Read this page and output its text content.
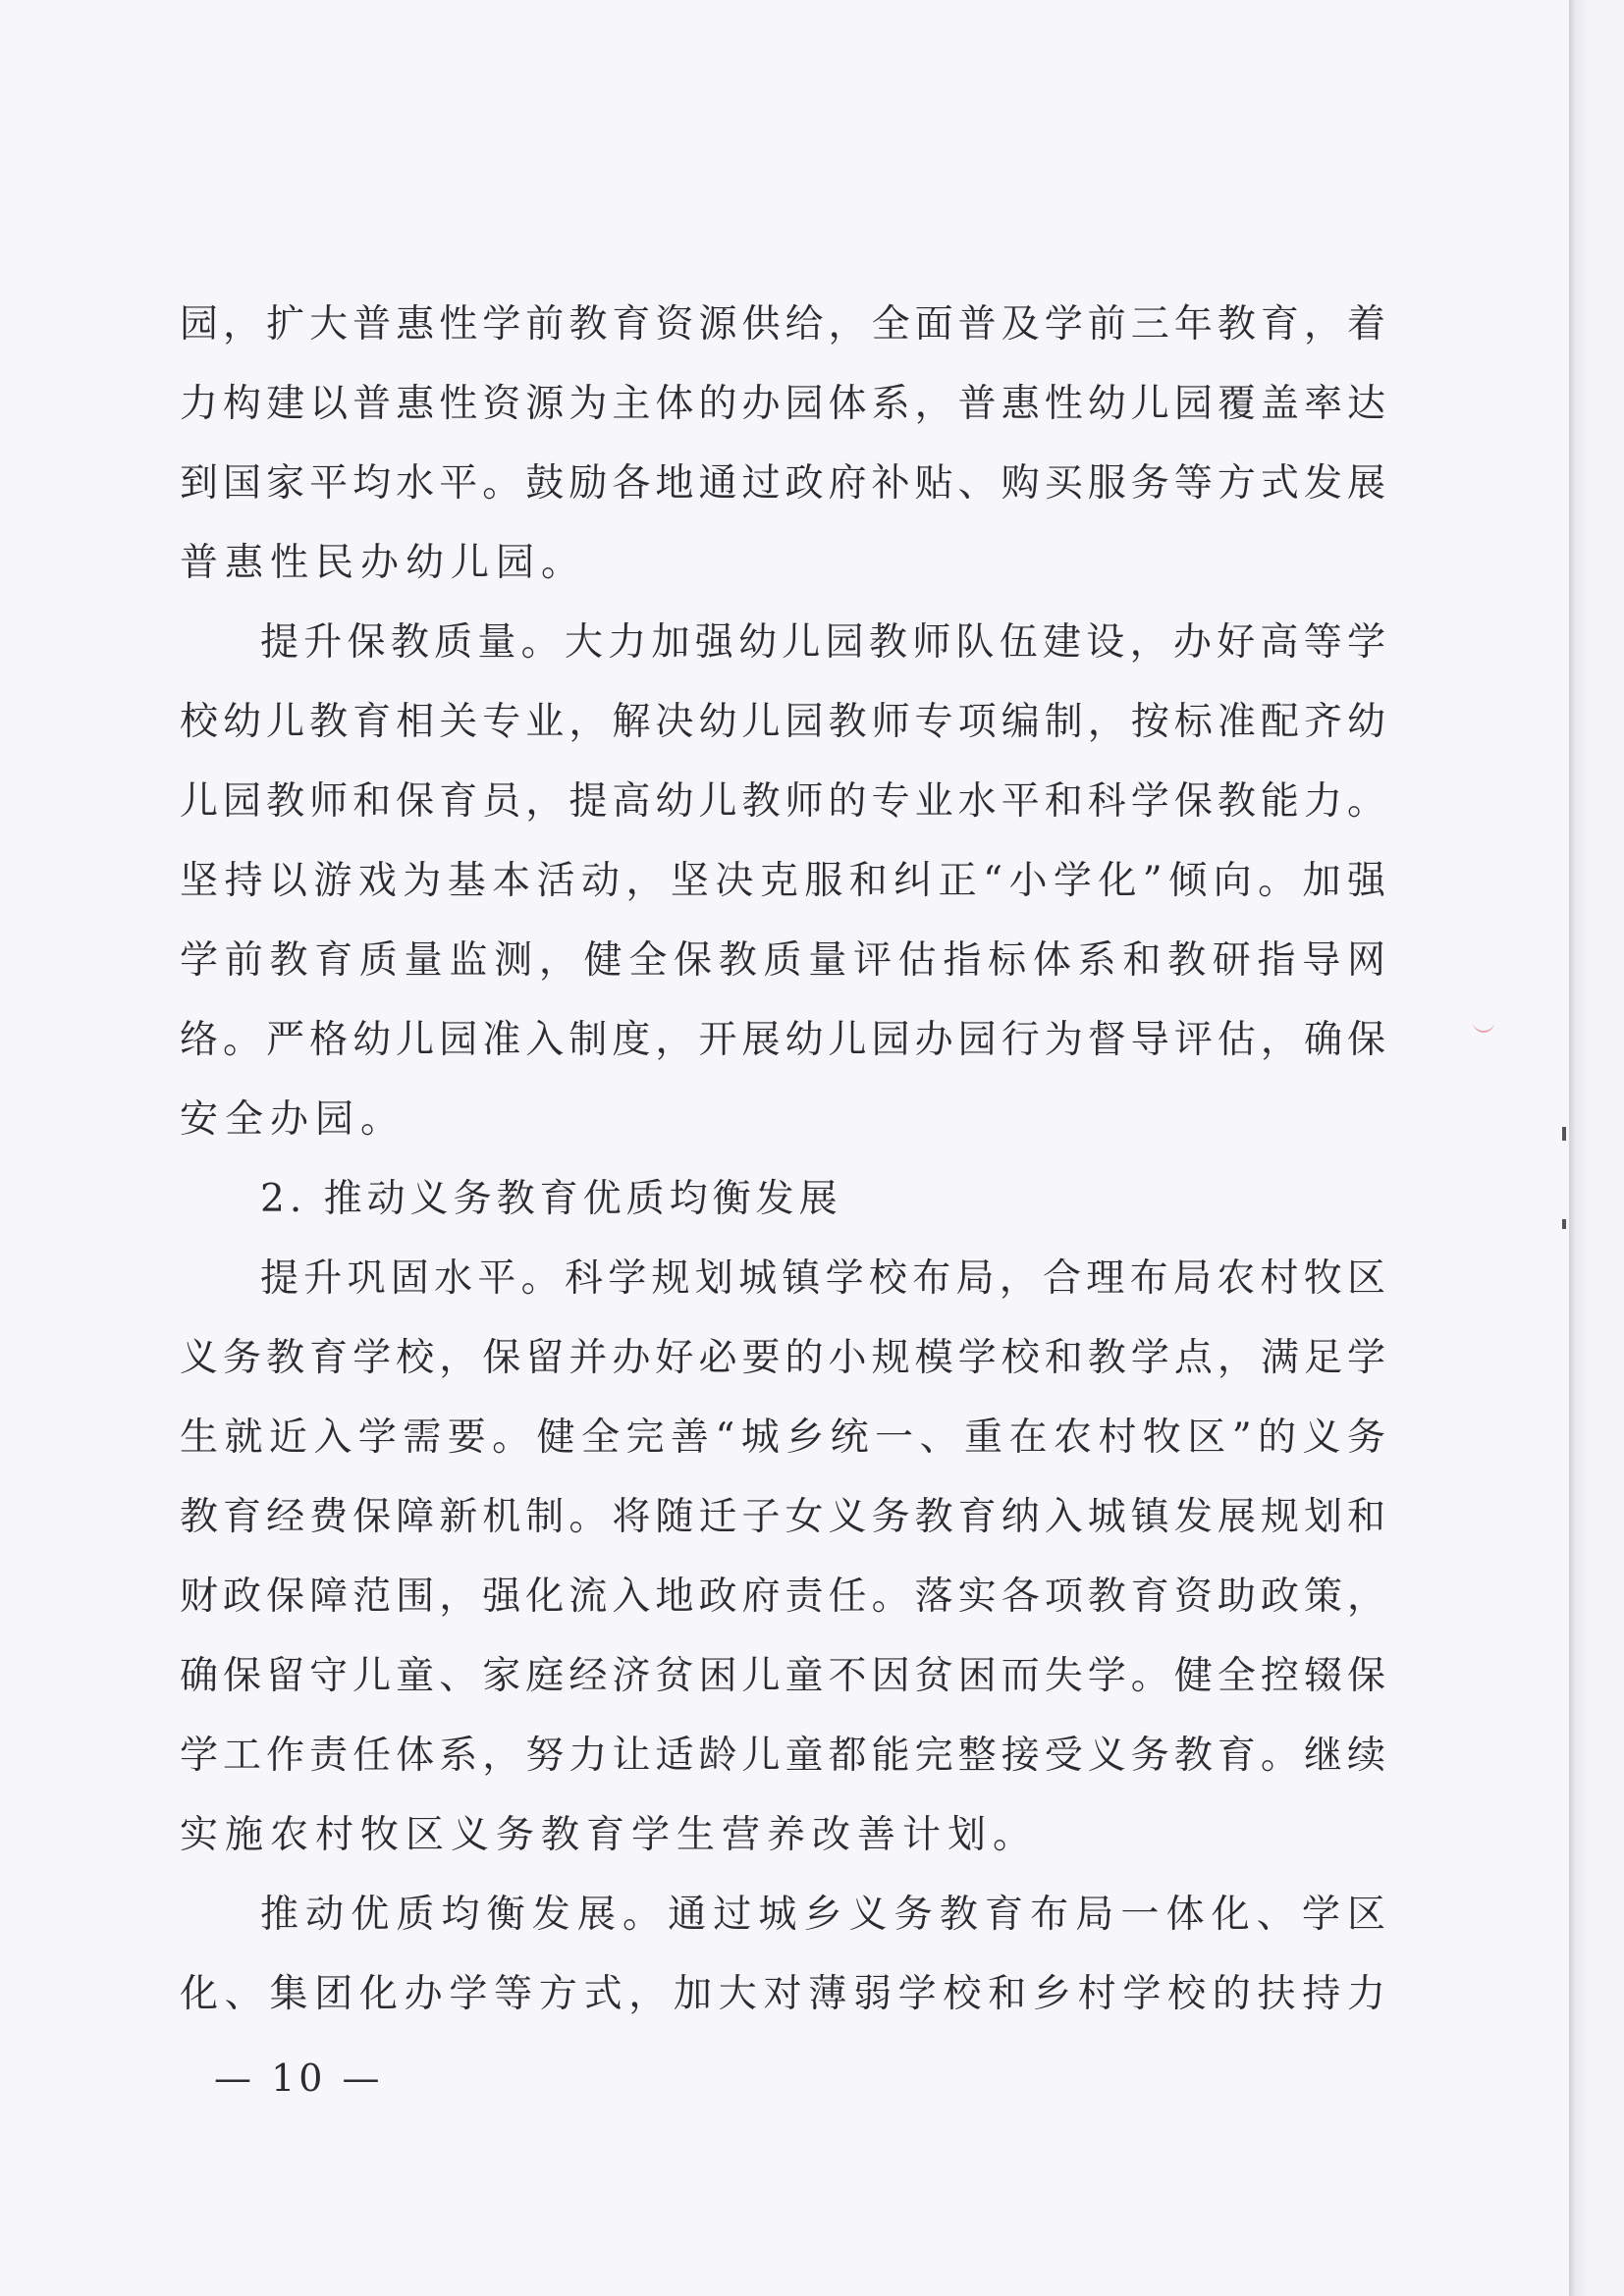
园，扩大普惠性学前教育资源供给，全面普及学前三年教育，着
力构建以普惠性资源为主体的办园体系，普惠性幼儿园覆盖率达
到国家平均水平。鼓励各地通过政府补贴、购买服务等方式发展
普惠性民办幼儿园。
提升保教质量。大力加强幼儿园教师队伍建设，办好高等学
校幼儿教育相关专业，解决幼儿园教师专项编制，按标准配齐幼
儿园教师和保育员，提高幼儿教师的专业水平和科学保教能力。
坚持以游戏为基本活动，坚决克服和纠正“小学化”倾向。加强
学前教育质量监测，健全保教质量评估指标体系和教研指导网
络。严格幼儿园准入制度，开展幼儿园办园行为督导评估，确保
安全办园。
2. 推动义务教育优质均衡发展
提升巩固水平。科学规划城镇学校布局，合理布局农村牧区
义务教育学校，保留并办好必要的小规模学校和教学点，满足学
生就近入学需要。健全完善“城乡统一、重在农村牧区”的义务
教育经费保障新机制。将随迁子女义务教育纳入城镇发展规划和
财政保障范围，强化流入地政府责任。落实各项教育资助政策，
确保留守儿童、家庭经济贫困儿童不因贫困而失学。健全控辍保
学工作责任体系，努力让适龄儿童都能完整接受义务教育。继续
实施农村牧区义务教育学生营养改善计划。
推动优质均衡发展。通过城乡义务教育布局一体化、学区
化、集团化办学等方式，加大对薄弱学校和乡村学校的扶持力
— 10 —
